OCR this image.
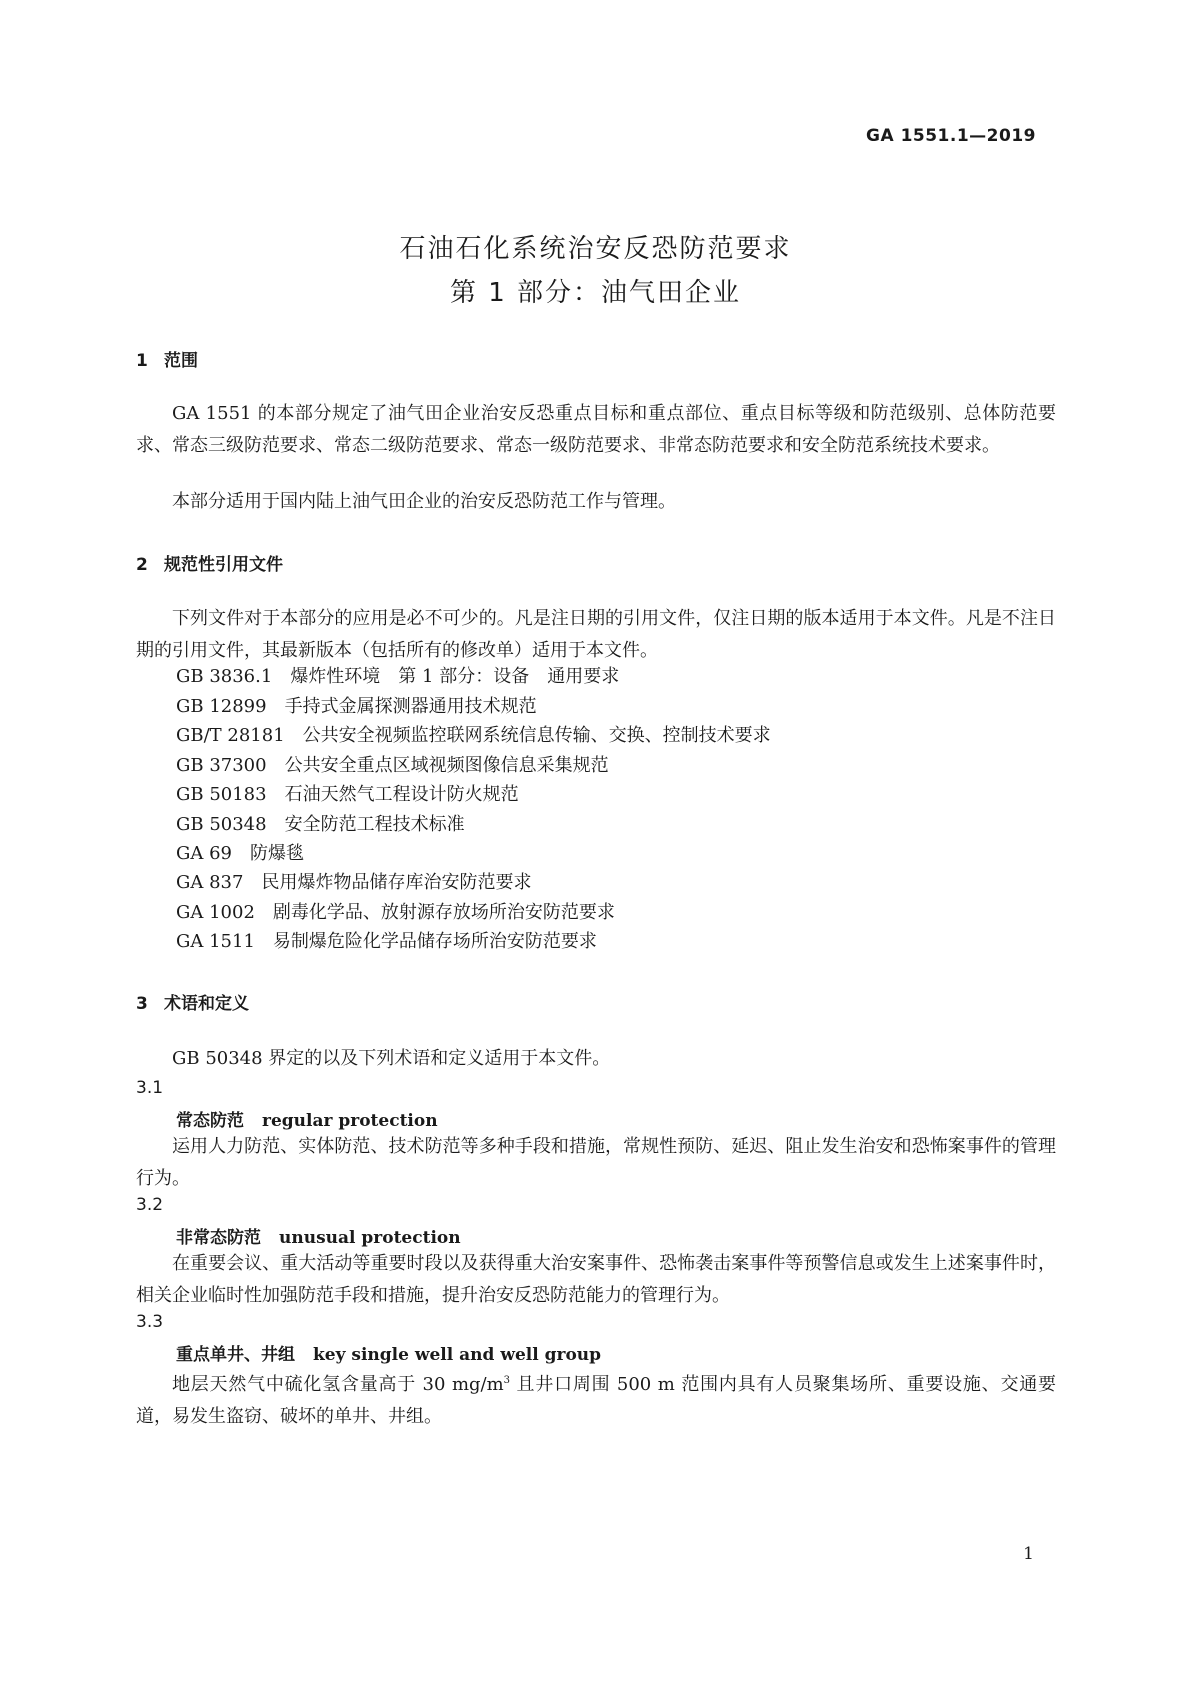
GA 1551.1—2019
石油石化系统治安反恐防范要求
第 1 部分：油气田企业
1 范围
GA 1551 的本部分规定了油气田企业治安反恐重点目标和重点部位、重点目标等级和防范级别、总体防范要求、常态三级防范要求、常态二级防范要求、常态一级防范要求、非常态防范要求和安全防范系统技术要求。
本部分适用于国内陆上油气田企业的治安反恐防范工作与管理。
2 规范性引用文件
下列文件对于本部分的应用是必不可少的。凡是注日期的引用文件，仅注日期的版本适用于本文件。凡是不注日期的引用文件，其最新版本（包括所有的修改单）适用于本文件。
GB 3836.1 爆炸性环境　第 1 部分：设备　通用要求
GB 12899 手持式金属探测器通用技术规范
GB/T 28181 公共安全视频监控联网系统信息传输、交换、控制技术要求
GB 37300 公共安全重点区域视频图像信息采集规范
GB 50183 石油天然气工程设计防火规范
GB 50348 安全防范工程技术标准
GA 69 防爆毯
GA 837 民用爆炸物品储存库治安防范要求
GA 1002 剧毒化学品、放射源存放场所治安防范要求
GA 1511 易制爆危险化学品储存场所治安防范要求
3 术语和定义
GB 50348 界定的以及下列术语和定义适用于本文件。
3.1
常态防范 regular protection
运用人力防范、实体防范、技术防范等多种手段和措施，常规性预防、延迟、阻止发生治安和恐怖案事件的管理行为。
3.2
非常态防范 unusual protection
在重要会议、重大活动等重要时段以及获得重大治安案事件、恐怖袭击案事件等预警信息或发生上述案事件时，相关企业临时性加强防范手段和措施，提升治安反恐防范能力的管理行为。
3.3
重点单井、井组 key single well and well group
地层天然气中硫化氢含量高于 30 $mg/m^3$ 且井口周围 500 m 范围内具有人员聚集场所、重要设施、交通要道，易发生盗窃、破坏的单井、井组。
1
